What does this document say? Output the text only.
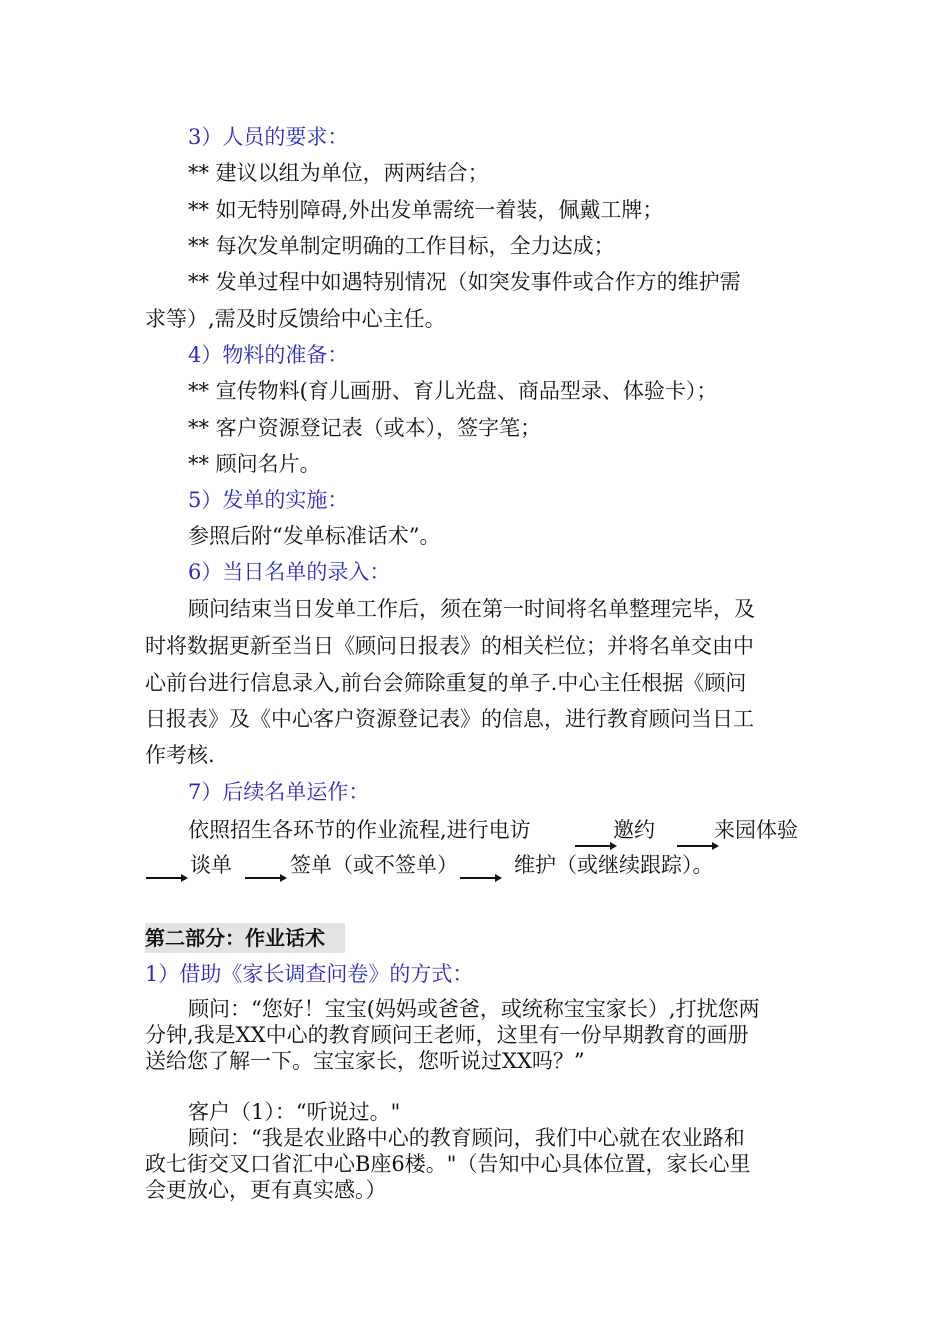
3）人员的要求：
** 建议以组为单位，两两结合；
** 如无特别障碍,外出发单需统一着装，佩戴工牌；
** 每次发单制定明确的工作目标，全力达成；
** 发单过程中如遇特别情况（如突发事件或合作方的维护需
求等）,需及时反馈给中心主任。
4）物料的准备：
** 宣传物料(育儿画册、育儿光盘、商品型录、体验卡）；
** 客户资源登记表（或本），签字笔；
** 顾问名片。
5）发单的实施：
参照后附“发单标准话术”。
6）当日名单的录入：
顾问结束当日发单工作后，须在第一时间将名单整理完毕，及
时将数据更新至当日《顾问日报表》的相关栏位；并将名单交由中
心前台进行信息录入,前台会筛除重复的单子.中心主任根据《顾问
日报表》及《中心客户资源登记表》的信息，进行教育顾问当日工
作考核.
7）后续名单运作：
依照招生各环节的作业流程,进行电访	邀约	来园体验
谈单	签单（或不签单）	维护（或继续跟踪）。
第二部分：作业话术
1）借助《家长调查问卷》的方式：
顾问：“您好！宝宝(妈妈或爸爸，或统称宝宝家长）,打扰您两
分钟,我是XX中心的教育顾问王老师，这里有一份早期教育的画册
送给您了解一下。宝宝家长，您听说过XX吗？”
客户（1）：“听说过。"
顾问：“我是农业路中心的教育顾问，我们中心就在农业路和
政七街交叉口省汇中心B座6楼。"（告知中心具体位置，家长心里
会更放心，更有真实感。）
